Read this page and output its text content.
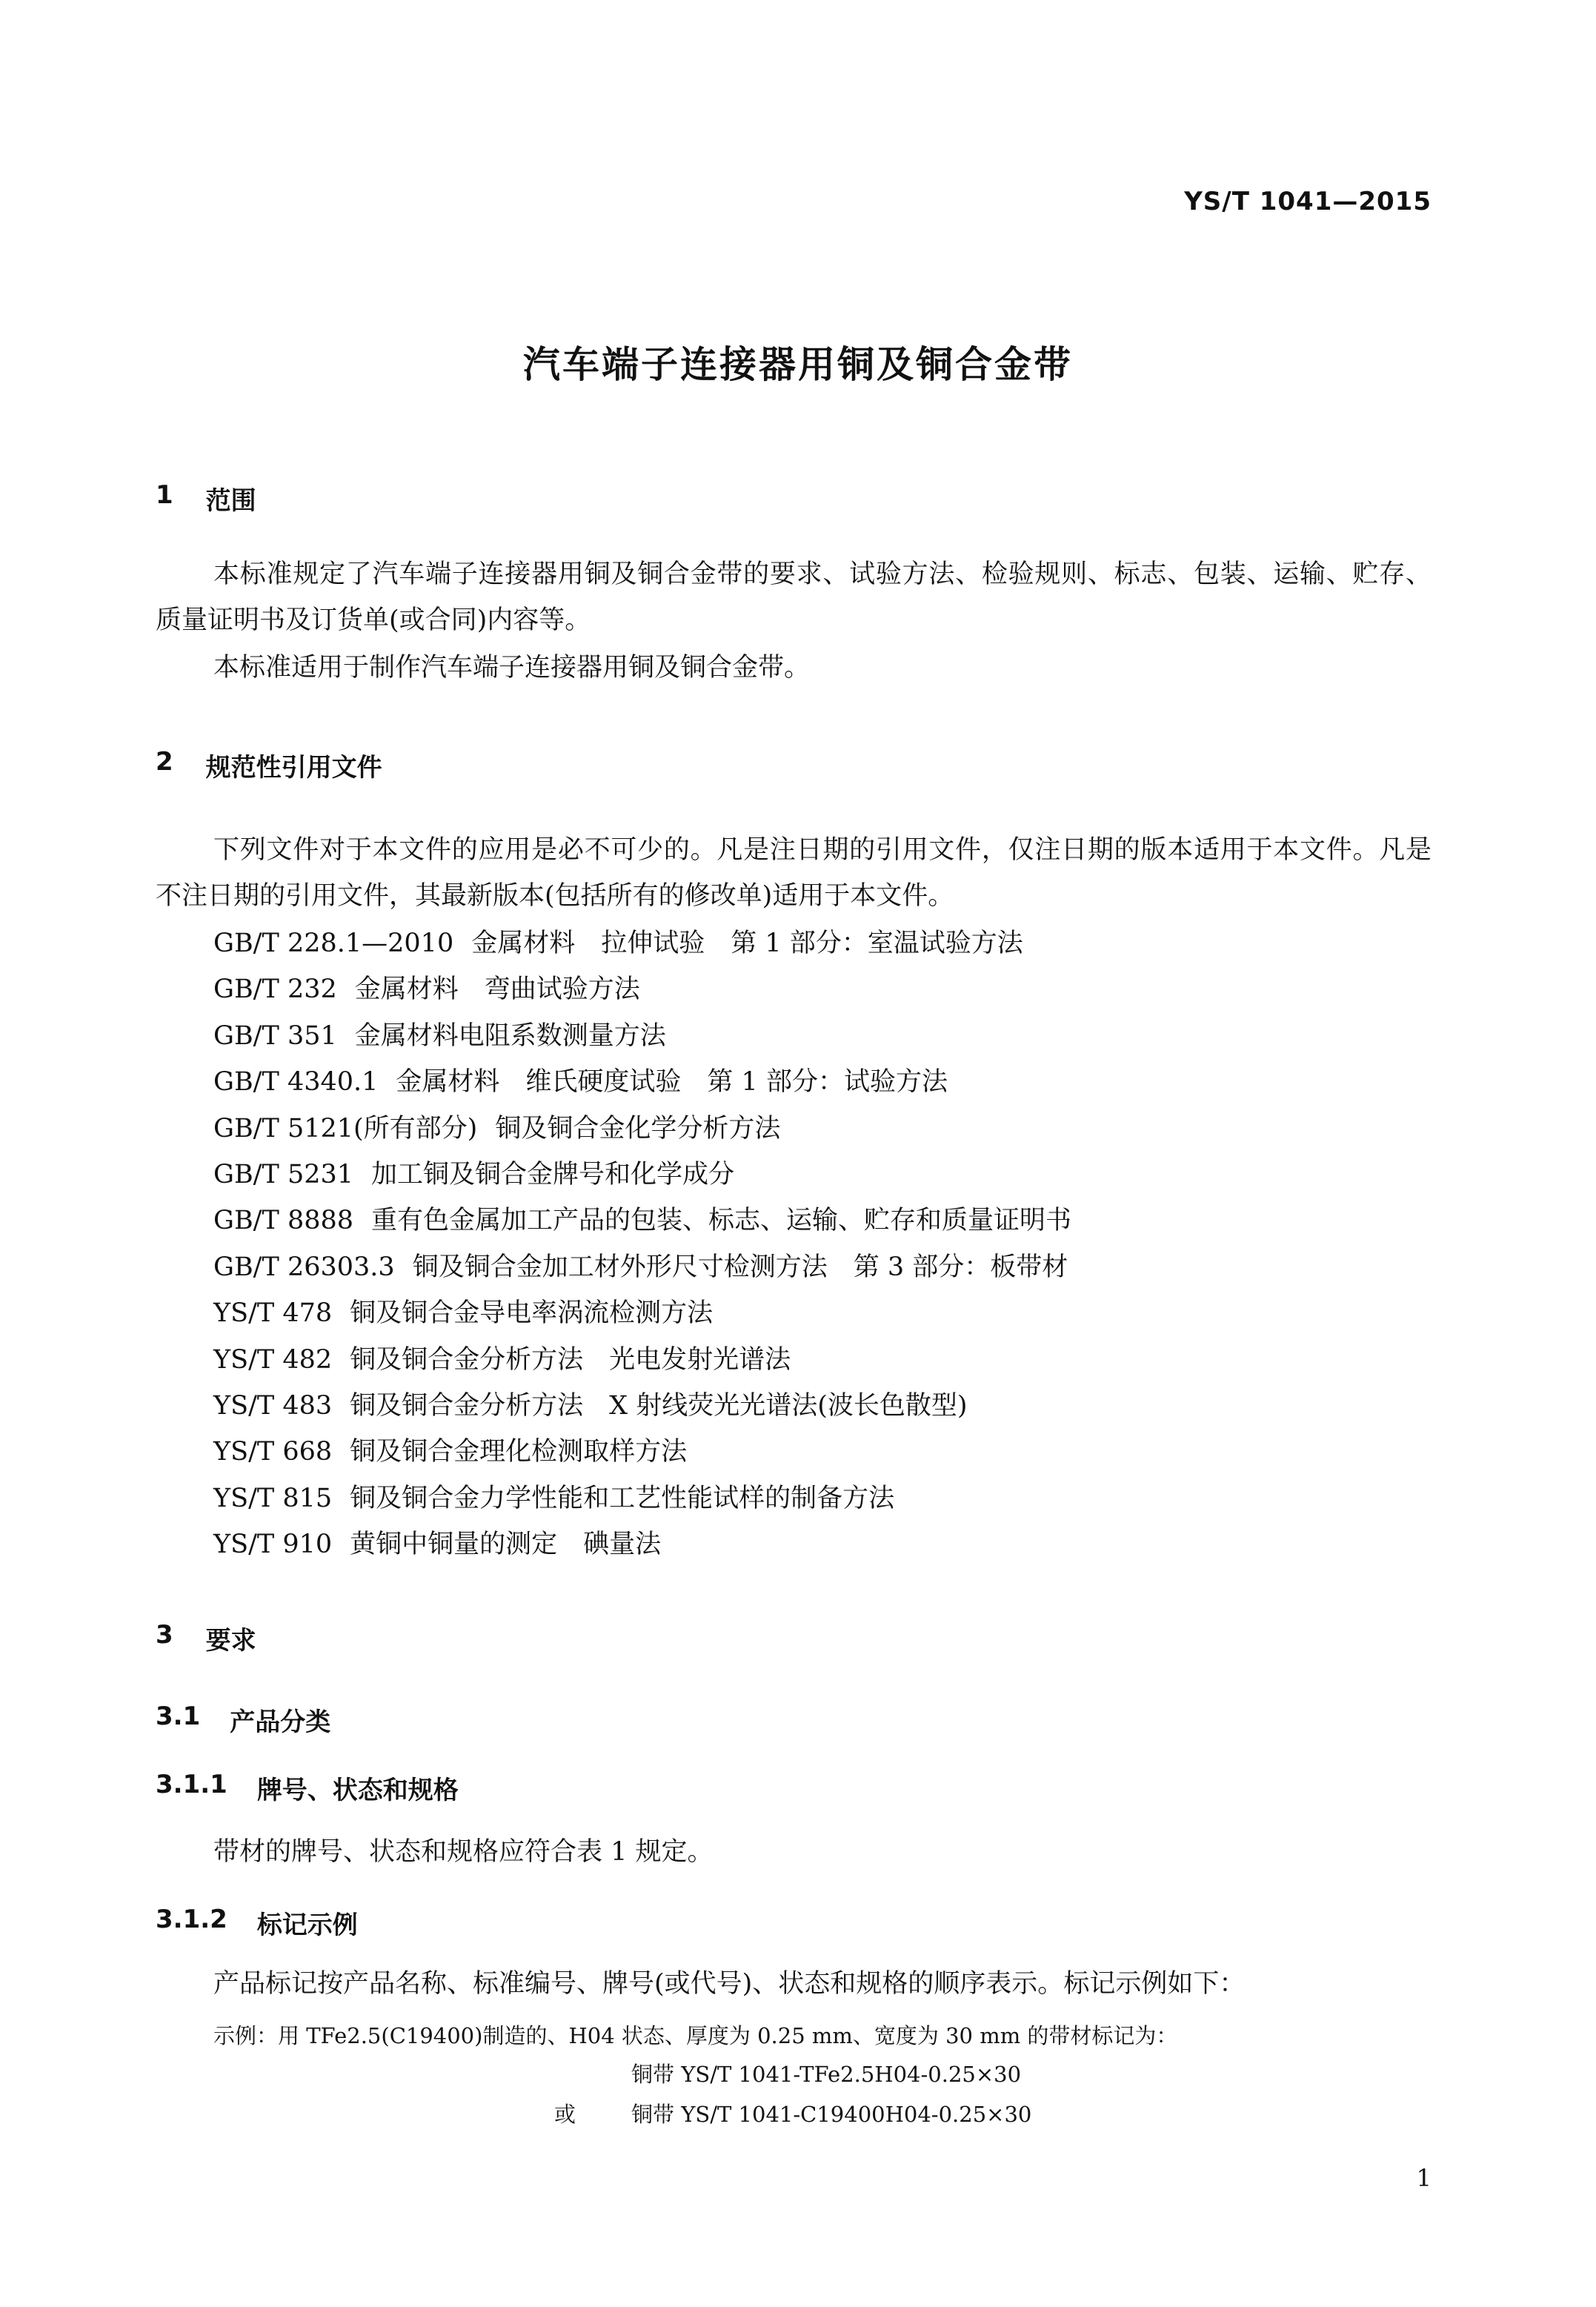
YS/T 1041—2015
汽车端子连接器用铜及铜合金带
1 范围
本标准规定了汽车端子连接器用铜及铜合金带的要求、试验方法、检验规则、标志、包装、运输、贮存、质量证明书及订货单(或合同)内容等。
本标准适用于制作汽车端子连接器用铜及铜合金带。
2 规范性引用文件
下列文件对于本文件的应用是必不可少的。凡是注日期的引用文件，仅注日期的版本适用于本文件。凡是不注日期的引用文件，其最新版本(包括所有的修改单)适用于本文件。
GB/T 228.1—2010 金属材料　拉伸试验　第 1 部分：室温试验方法
GB/T 232 金属材料　弯曲试验方法
GB/T 351 金属材料电阻系数测量方法
GB/T 4340.1 金属材料　维氏硬度试验　第 1 部分：试验方法
GB/T 5121(所有部分) 铜及铜合金化学分析方法
GB/T 5231 加工铜及铜合金牌号和化学成分
GB/T 8888 重有色金属加工产品的包装、标志、运输、贮存和质量证明书
GB/T 26303.3 铜及铜合金加工材外形尺寸检测方法　第 3 部分：板带材
YS/T 478 铜及铜合金导电率涡流检测方法
YS/T 482 铜及铜合金分析方法　光电发射光谱法
YS/T 483 铜及铜合金分析方法　X 射线荧光光谱法(波长色散型)
YS/T 668 铜及铜合金理化检测取样方法
YS/T 815 铜及铜合金力学性能和工艺性能试样的制备方法
YS/T 910 黄铜中铜量的测定　碘量法
3 要求
3.1 产品分类
3.1.1 牌号、状态和规格
带材的牌号、状态和规格应符合表 1 规定。
3.1.2 标记示例
产品标记按产品名称、标准编号、牌号(或代号)、状态和规格的顺序表示。标记示例如下：
示例：用 TFe2.5(C19400)制造的、H04 状态、厚度为 0.25 mm、宽度为 30 mm 的带材标记为：
铜带 YS/T 1041-TFe2.5H04-0.25×30
或	铜带 YS/T 1041-C19400H04-0.25×30
1
